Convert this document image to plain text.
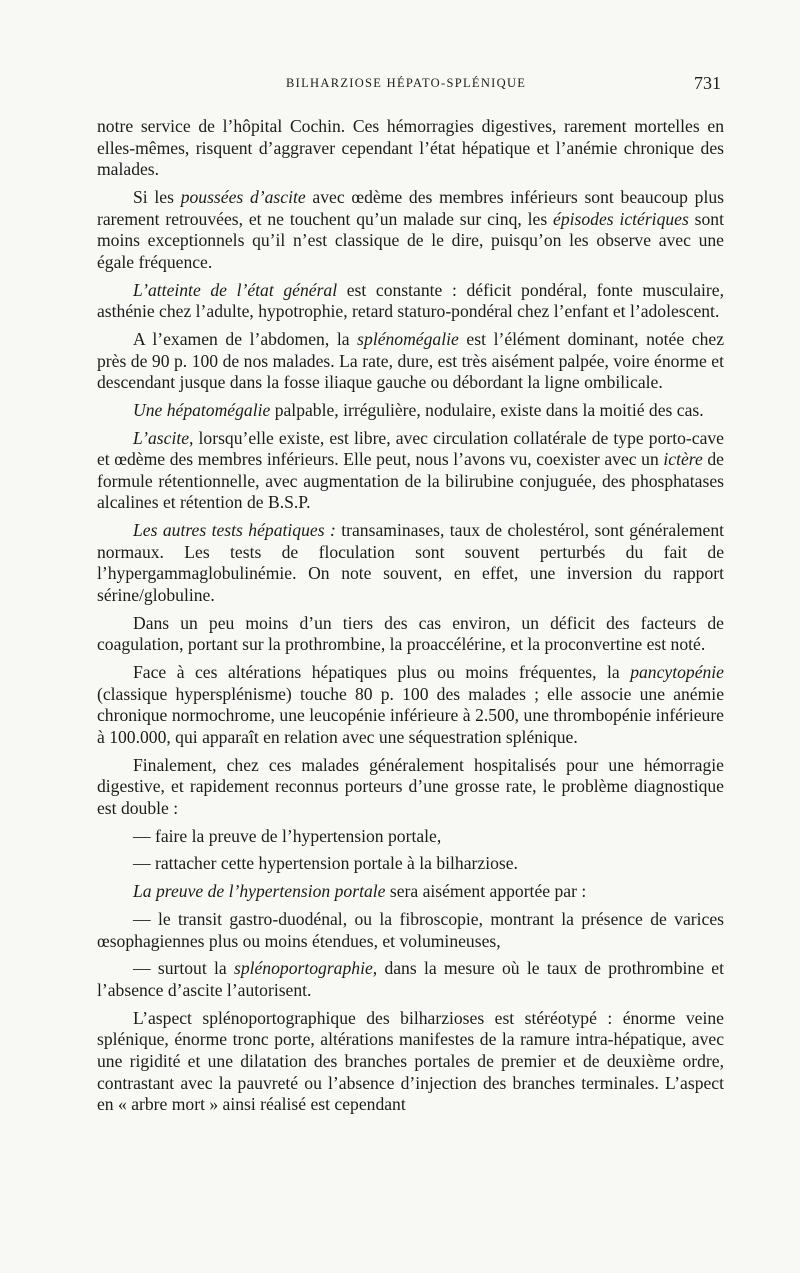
BILHARZIOSE HÉPATO-SPLÉNIQUE	731

notre service de l’hôpital Cochin. Ces hémorragies digestives, rarement mortelles en elles-mêmes, risquent d’aggraver cependant l’état hépatique et l’anémie chronique des malades.

Si les poussées d’ascite avec œdème des membres inférieurs sont beaucoup plus rarement retrouvées, et ne touchent qu’un malade sur cinq, les épisodes ictériques sont moins exceptionnels qu’il n’est classique de le dire, puisqu’on les observe avec une égale fréquence.

L’atteinte de l’état général est constante : déficit pondéral, fonte musculaire, asthénie chez l’adulte, hypotrophie, retard staturo-pondéral chez l’enfant et l’adolescent.

A l’examen de l’abdomen, la splénomégalie est l’élément dominant, notée chez près de 90 p. 100 de nos malades. La rate, dure, est très aisément palpée, voire énorme et descendant jusque dans la fosse iliaque gauche ou débordant la ligne ombilicale.

Une hépatomégalie palpable, irrégulière, nodulaire, existe dans la moitié des cas.

L’ascite, lorsqu’elle existe, est libre, avec circulation collatérale de type porto-cave et œdème des membres inférieurs. Elle peut, nous l’avons vu, coexister avec un ictère de formule rétentionnelle, avec augmentation de la bilirubine conjuguée, des phosphatases alcalines et rétention de B.S.P.

Les autres tests hépatiques : transaminases, taux de cholestérol, sont généralement normaux. Les tests de floculation sont souvent perturbés du fait de l’hypergammaglobulinémie. On note souvent, en effet, une inversion du rapport sérine/globuline.

Dans un peu moins d’un tiers des cas environ, un déficit des facteurs de coagulation, portant sur la prothrombine, la proaccélérine, et la proconvertine est noté.

Face à ces altérations hépatiques plus ou moins fréquentes, la pancytopénie (classique hypersplénisme) touche 80 p. 100 des malades ; elle associe une anémie chronique normochrome, une leucopénie inférieure à 2.500, une thrombopénie inférieure à 100.000, qui apparaît en relation avec une séquestration splénique.

Finalement, chez ces malades généralement hospitalisés pour une hémorragie digestive, et rapidement reconnus porteurs d’une grosse rate, le problème diagnostique est double :

— faire la preuve de l’hypertension portale,

— rattacher cette hypertension portale à la bilharziose.

La preuve de l’hypertension portale sera aisément apportée par :

— le transit gastro-duodénal, ou la fibroscopie, montrant la présence de varices œsophagiennes plus ou moins étendues, et volumineuses,

— surtout la splénoportographie, dans la mesure où le taux de prothrombine et l’absence d’ascite l’autorisent.

L’aspect splénoportographique des bilharzioses est stéréotypé : énorme veine splénique, énorme tronc porte, altérations manifestes de la ramure intra-hépatique, avec une rigidité et une dilatation des branches portales de premier et de deuxième ordre, contrastant avec la pauvreté ou l’absence d’injection des branches terminales. L’aspect en « arbre mort » ainsi réalisé est cependant
